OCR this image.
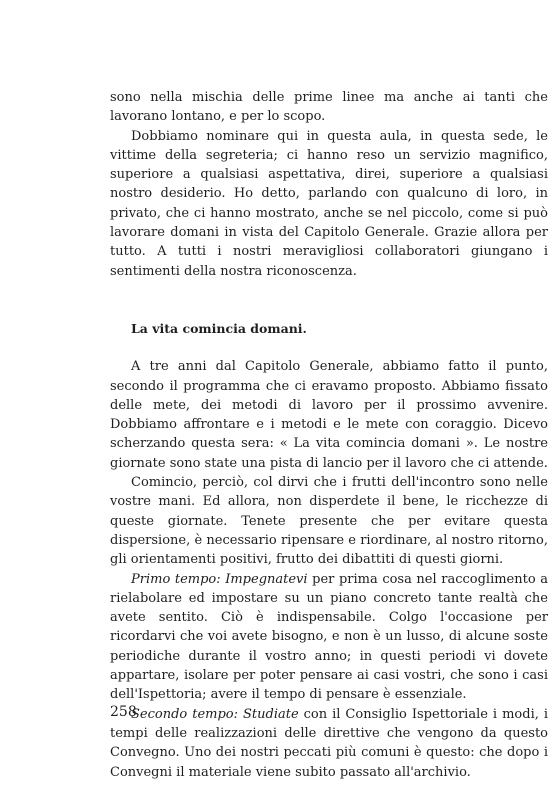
sono nella mischia delle prime linee ma anche ai tanti che lavorano lontano, e per lo scopo.

Dobbiamo nominare qui in questa aula, in questa sede, le vittime della segreteria; ci hanno reso un servizio magnifico, superiore a qualsiasi aspettativa, direi, superiore a qualsiasi nostro desiderio. Ho detto, parlando con qualcuno di loro, in privato, che ci hanno mostrato, anche se nel piccolo, come si può lavorare domani in vista del Capitolo Generale. Grazie allora per tutto. A tutti i nostri meravigliosi collaboratori giungano i sentimenti della nostra riconoscenza.

La vita comincia domani.

A tre anni dal Capitolo Generale, abbiamo fatto il punto, secondo il programma che ci eravamo proposto. Abbiamo fissato delle mete, dei metodi di lavoro per il prossimo avvenire. Dobbiamo affrontare e i metodi e le mete con coraggio. Dicevo scherzando questa sera: « La vita comincia domani ». Le nostre giornate sono state una pista di lancio per il lavoro che ci attende.

Comincio, perciò, col dirvi che i frutti dell'incontro sono nelle vostre mani. Ed allora, non disperdete il bene, le ricchezze di queste giornate. Tenete presente che per evitare questa dispersione, è necessario ripensare e riordinare, al nostro ritorno, gli orientamenti positivi, frutto dei dibattiti di questi giorni.

Primo tempo: Impegnatevi per prima cosa nel raccoglimento a rielabolare ed impostare su un piano concreto tante realtà che avete sentito. Ciò è indispensabile. Colgo l'occasione per ricordarvi che voi avete bisogno, e non è un lusso, di alcune soste periodiche durante il vostro anno; in questi periodi vi dovete appartare, isolare per poter pensare ai casi vostri, che sono i casi dell'Ispettoria; avere il tempo di pensare è essenziale.

Secondo tempo: Studiate con il Consiglio Ispettoriale i modi, i tempi delle realizzazioni delle direttive che vengono da questo Convegno. Uno dei nostri peccati più comuni è questo: che dopo i Convegni il materiale viene subito passato all'archivio.

258
